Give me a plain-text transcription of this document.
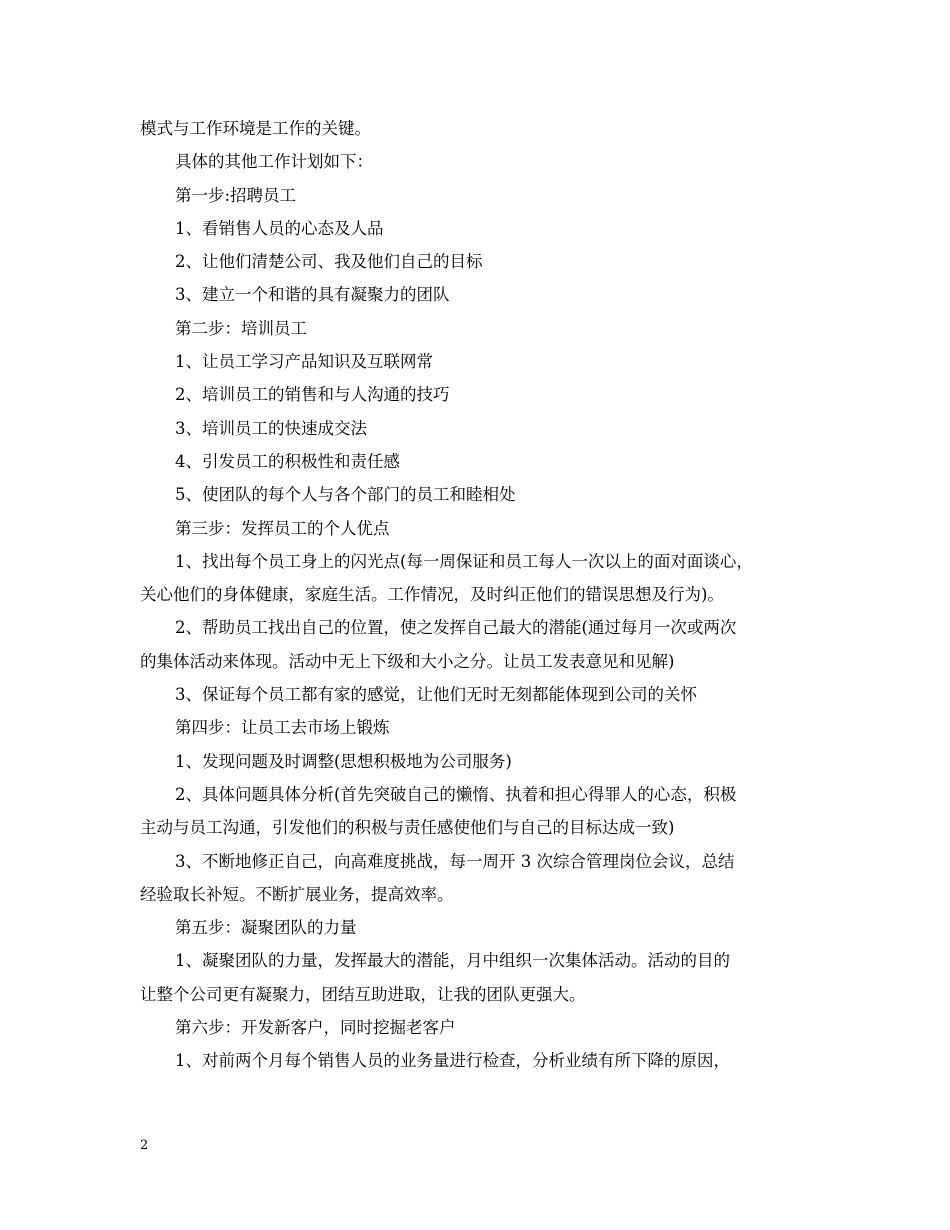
模式与工作环境是工作的关键。
具体的其他工作计划如下：
第一步:招聘员工
1、看销售人员的心态及人品
2、让他们清楚公司、我及他们自己的目标
3、建立一个和谐的具有凝聚力的团队
第二步：培训员工
1、让员工学习产品知识及互联网常
2、培训员工的销售和与人沟通的技巧
3、培训员工的快速成交法
4、引发员工的积极性和责任感
5、使团队的每个人与各个部门的员工和睦相处
第三步：发挥员工的个人优点
1、找出每个员工身上的闪光点(每一周保证和员工每人一次以上的面对面谈心，
关心他们的身体健康，家庭生活。工作情况，及时纠正他们的错误思想及行为)。
2、帮助员工找出自己的位置，使之发挥自己最大的潜能(通过每月一次或两次
的集体活动来体现。活动中无上下级和大小之分。让员工发表意见和见解)
3、保证每个员工都有家的感觉，让他们无时无刻都能体现到公司的关怀
第四步：让员工去市场上锻炼
1、发现问题及时调整(思想积极地为公司服务)
2、具体问题具体分析(首先突破自己的懒惰、执着和担心得罪人的心态，积极
主动与员工沟通，引发他们的积极与责任感使他们与自己的目标达成一致)
3、不断地修正自己，向高难度挑战，每一周开 3 次综合管理岗位会议，总结
经验取长补短。不断扩展业务，提高效率。
第五步：凝聚团队的力量
1、凝聚团队的力量，发挥最大的潜能，月中组织一次集体活动。活动的目的
让整个公司更有凝聚力，团结互助进取，让我的团队更强大。
第六步：开发新客户，同时挖掘老客户
1、对前两个月每个销售人员的业务量进行检查，分析业绩有所下降的原因，
2
